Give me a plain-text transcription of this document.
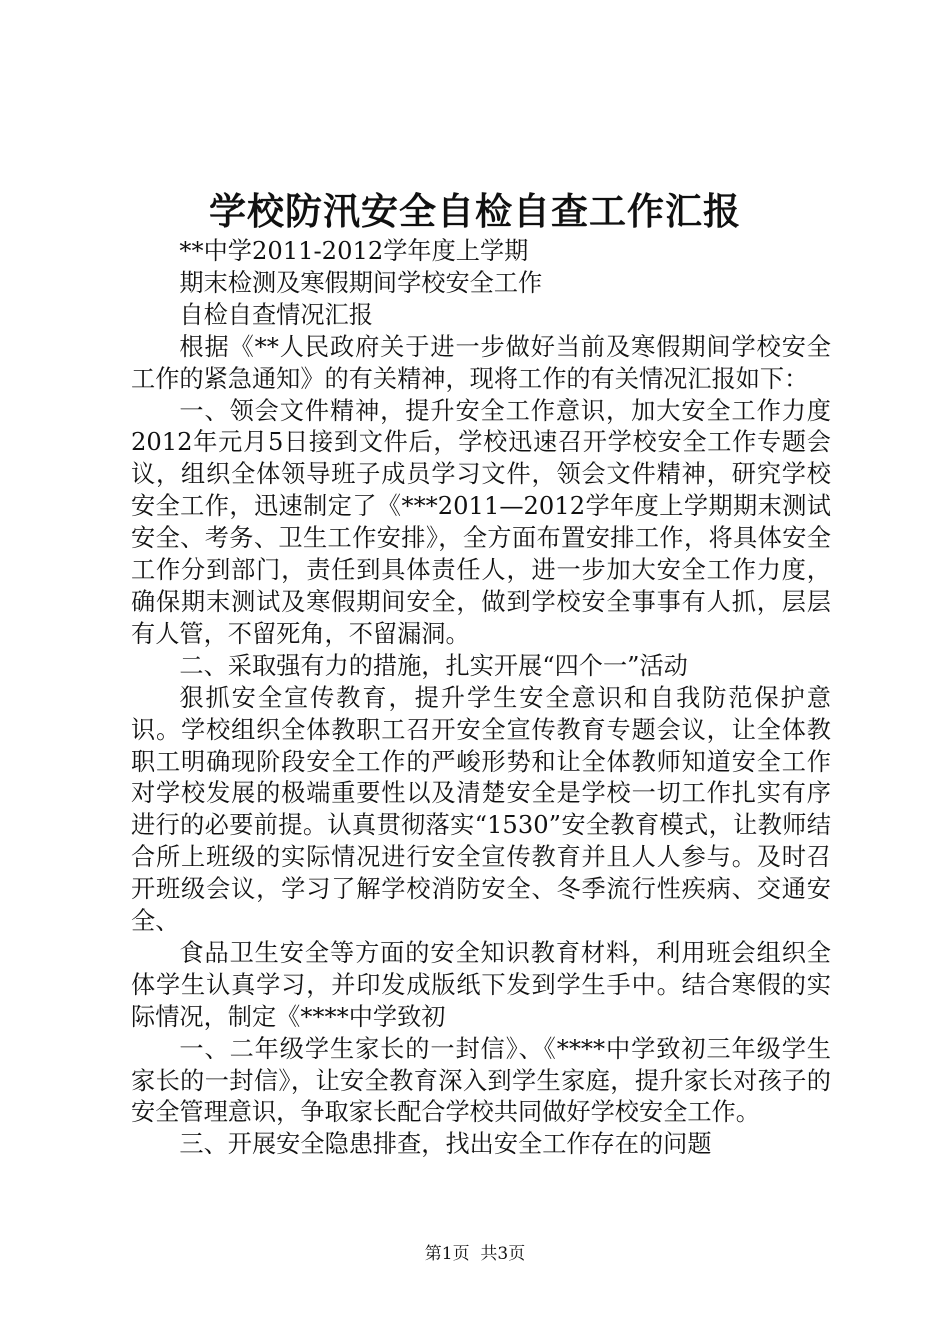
学校防汛安全自检自查工作汇报

**中学2011-2012学年度上学期

期末检测及寒假期间学校安全工作

自检自查情况汇报

根据《**人民政府关于进一步做好当前及寒假期间学校安全工作的紧急通知》的有关精神，现将工作的有关情况汇报如下：

一、领会文件精神，提升安全工作意识，加大安全工作力度2012年元月5日接到文件后，学校迅速召开学校安全工作专题会议，组织全体领导班子成员学习文件，领会文件精神，研究学校安全工作，迅速制定了《***2011—2012学年度上学期期末测试安全、考务、卫生工作安排》，全方面布置安排工作，将具体安全工作分到部门，责任到具体责任人，进一步加大安全工作力度，确保期末测试及寒假期间安全，做到学校安全事事有人抓，层层有人管，不留死角，不留漏洞。

二、采取强有力的措施，扎实开展“四个一”活动

狠抓安全宣传教育，提升学生安全意识和自我防范保护意识。学校组织全体教职工召开安全宣传教育专题会议，让全体教职工明确现阶段安全工作的严峻形势和让全体教师知道安全工作对学校发展的极端重要性以及清楚安全是学校一切工作扎实有序进行的必要前提。认真贯彻落实“1530”安全教育模式，让教师结合所上班级的实际情况进行安全宣传教育并且人人参与。及时召开班级会议，学习了解学校消防安全、冬季流行性疾病、交通安全、

食品卫生安全等方面的安全知识教育材料，利用班会组织全体学生认真学习，并印发成版纸下发到学生手中。结合寒假的实际情况，制定《****中学致初

一、二年级学生家长的一封信》、《****中学致初三年级学生家长的一封信》，让安全教育深入到学生家庭，提升家长对孩子的安全管理意识，争取家长配合学校共同做好学校安全工作。

三、开展安全隐患排查，找出安全工作存在的问题

第1页 共3页
